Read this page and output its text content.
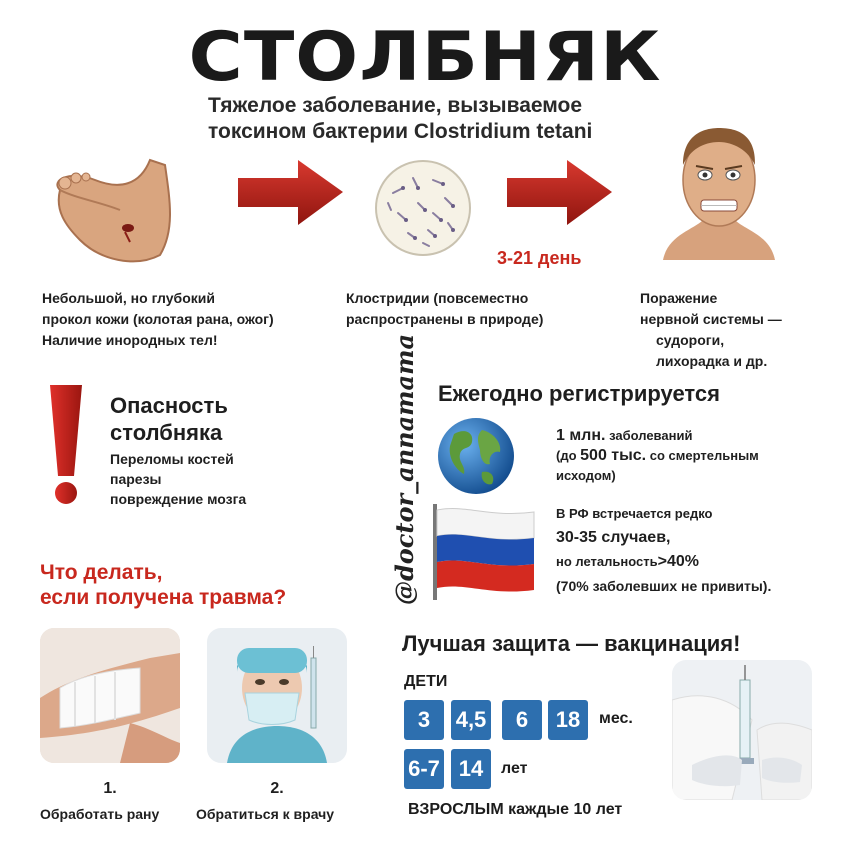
СТОЛБНЯК
Тяжелое заболевание, вызываемое
токсином бактерии Clostridium tetani
3-21 день
Небольшой, но глубокий
прокол кожи (колотая рана, ожог)
Наличие инородных тел!
Клостридии (повсеместно
распространены в природе)
Поражение
нервной системы —
судороги,
лихорадка и др.
Опасность
столбняка
Переломы костей
парезы
повреждение мозга	@doctor_annamama Ежегодно регистрируется
1 млн. заболеваний
(до 500 тыс. со смертельным
исходом)
В РФ встречается редко
30-35 случаев,
но летальность>40%
(70% заболевших не привиты).
Что делать,
если получена травма?
1.
Обработать рану
2.
Обратиться к врачу
Лучшая защита — вакцинация!
ДЕТИ
3	4,5	6	18	мес.
6-7 14	лет
ВЗРОСЛЫМ каждые 10 лет
